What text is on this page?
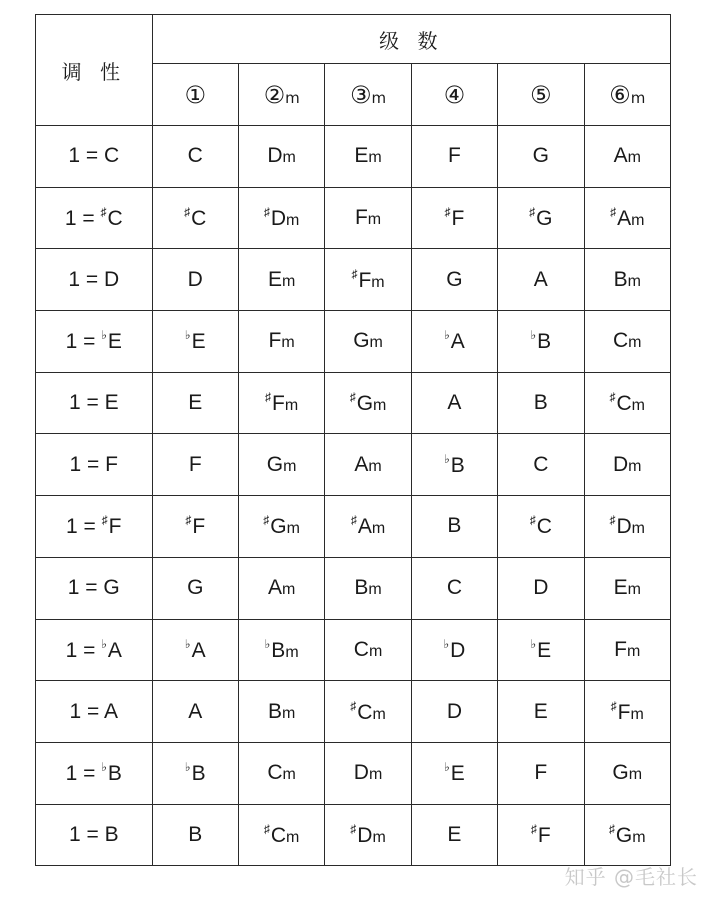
调 性	级 数					
	①	②m	③m	④	⑤	⑥m
1 = C	C	Dm	Em	F	G	Am
1 = ♯C	♯C	♯Dm	Fm	♯F	♯G	♯Am
1 = D	D	Em	♯Fm	G	A	Bm
1 = ♭E	♭E	Fm	Gm	♭A	♭B	Cm
1 = E	E	♯Fm	♯Gm	A	B	♯Cm
1 = F	F	Gm	Am	♭B	C	Dm
1 = ♯F	♯F	♯Gm	♯Am	B	♯C	♯Dm
1 = G	G	Am	Bm	C	D	Em
1 = ♭A	♭A	♭Bm	Cm	♭D	♭E	Fm
1 = A	A	Bm	♯Cm	D	E	♯Fm
1 = ♭B	♭B	Cm	Dm	♭E	F	Gm
1 = B	B	♯Cm	♯Dm	E	♯F	♯Gm
知乎 @毛社长
